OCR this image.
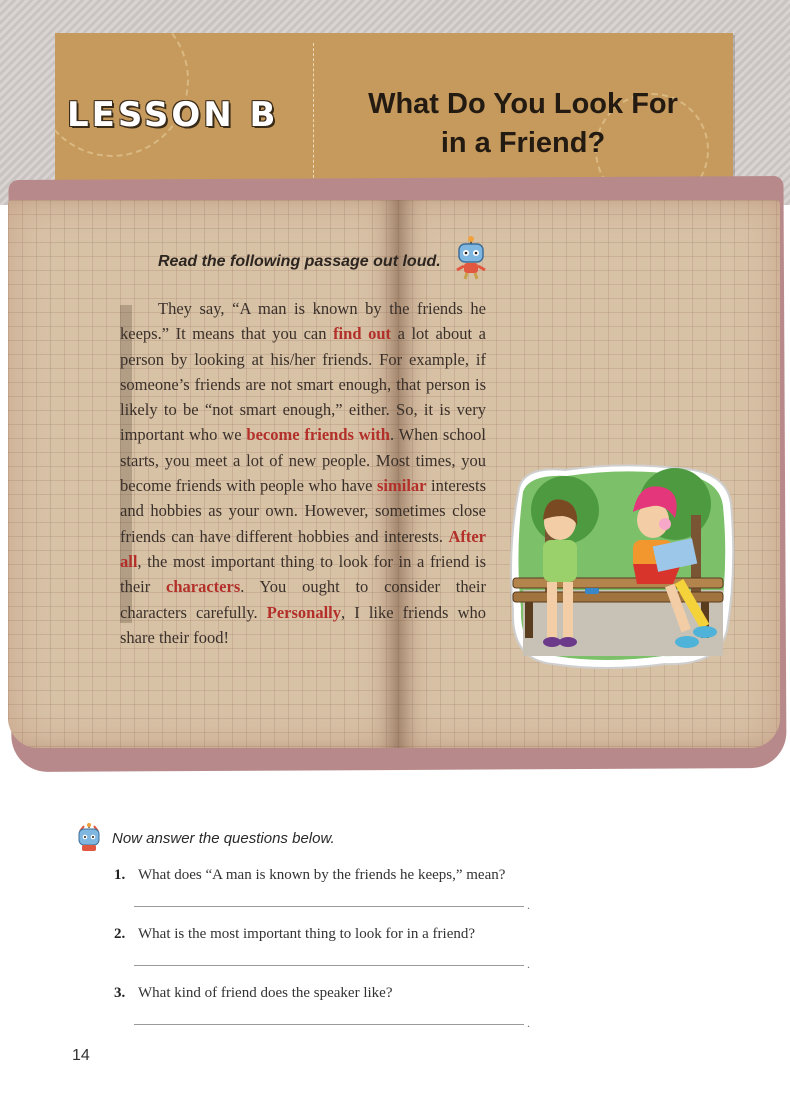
LESSON B	What Do You Look For
in a Friend?
Read the following passage out loud.

They say, “A man is known by the friends he keeps.” It means that you can find out a lot about a person by looking at his/her friends. For example, if someone’s friends are not smart enough, that person is likely to be “not smart enough,” either. So, it is very important who we become friends with. When school starts, you meet a lot of new people. Most times, you become friends with people who have similar interests and hobbies as your own. However, sometimes close friends can have different hobbies and interests. After all, the most important thing to look for in a friend is their characters. You ought to consider their characters carefully. Personally, I like friends who share their food!

Now answer the questions below.
1. What does “A man is known by the friends he keeps,” mean?
.
2. What is the most important thing to look for in a friend?
.
3. What kind of friend does the speaker like?
.
14
